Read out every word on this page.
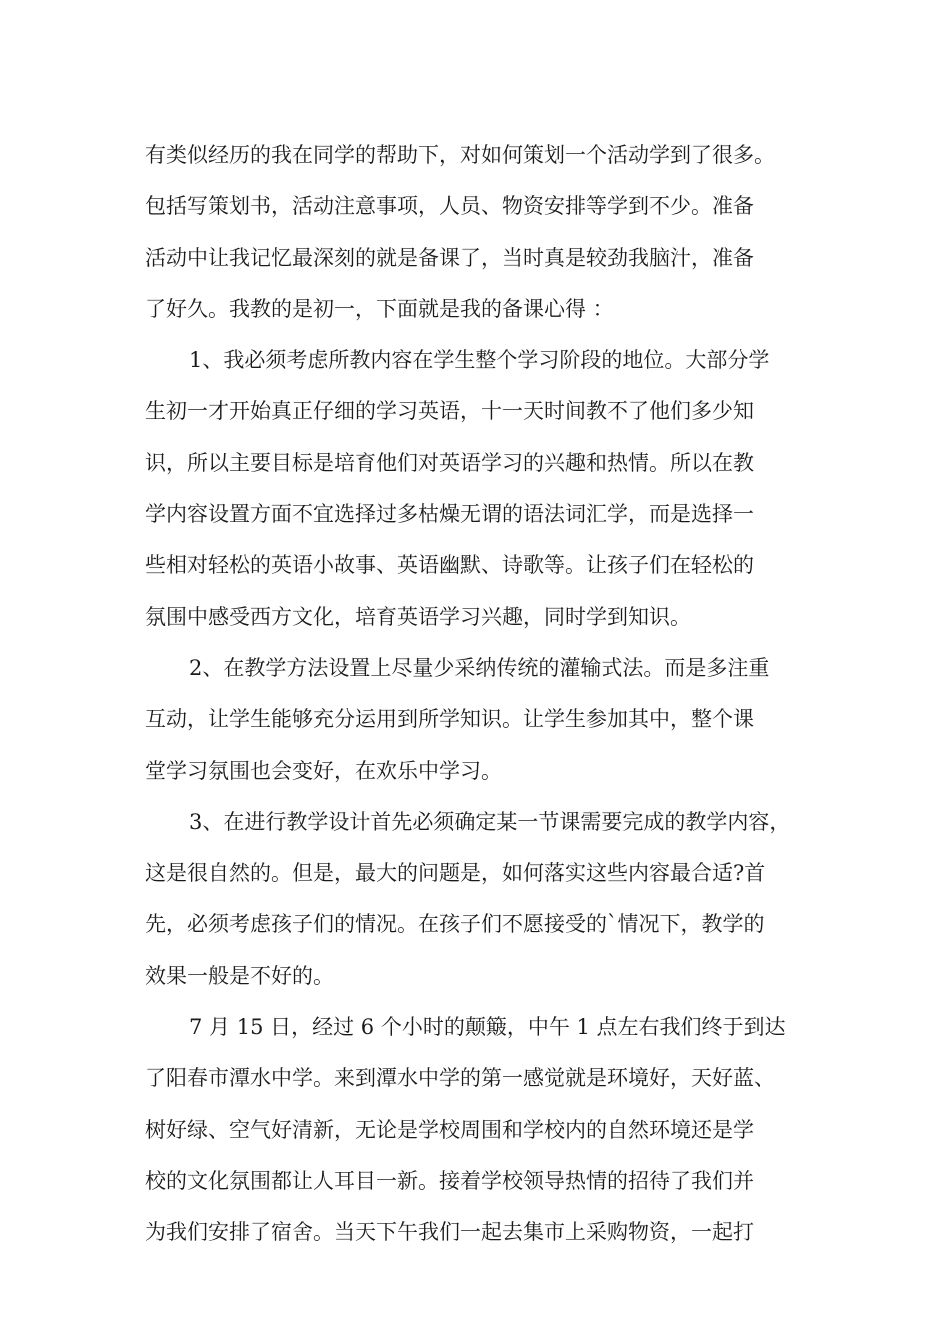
有类似经历的我在同学的帮助下，对如何策划一个活动学到了很多。
包括写策划书，活动注意事项，人员、物资安排等学到不少。准备
活动中让我记忆最深刻的就是备课了，当时真是较劲我脑汁，准备
了好久。我教的是初一，下面就是我的备课心得 ：
1、我必须考虑所教内容在学生整个学习阶段的地位。大部分学
生初一才开始真正仔细的学习英语，十一天时间教不了他们多少知
识，所以主要目标是培育他们对英语学习的兴趣和热情。所以在教
学内容设置方面不宜选择过多枯燥无谓的语法词汇学，而是选择一
些相对轻松的英语小故事、英语幽默、诗歌等。让孩子们在轻松的
氛围中感受西方文化，培育英语学习兴趣，同时学到知识。
2、在教学方法设置上尽量少采纳传统的灌输式法。而是多注重
互动，让学生能够充分运用到所学知识。让学生参加其中，整个课
堂学习氛围也会变好，在欢乐中学习。
3、在进行教学设计首先必须确定某一节课需要完成的教学内容，
这是很自然的。但是，最大的问题是，如何落实这些内容最合适?首
先，必须考虑孩子们的情况。在孩子们不愿接受的`情况下，教学的
效果一般是不好的。
7 月 15 日，经过 6 个小时的颠簸，中午 1 点左右我们终于到达
了阳春市潭水中学。来到潭水中学的第一感觉就是环境好，天好蓝、
树好绿、空气好清新，无论是学校周围和学校内的自然环境还是学
校的文化氛围都让人耳目一新。接着学校领导热情的招待了我们并
为我们安排了宿舍。当天下午我们一起去集市上采购物资，一起打
